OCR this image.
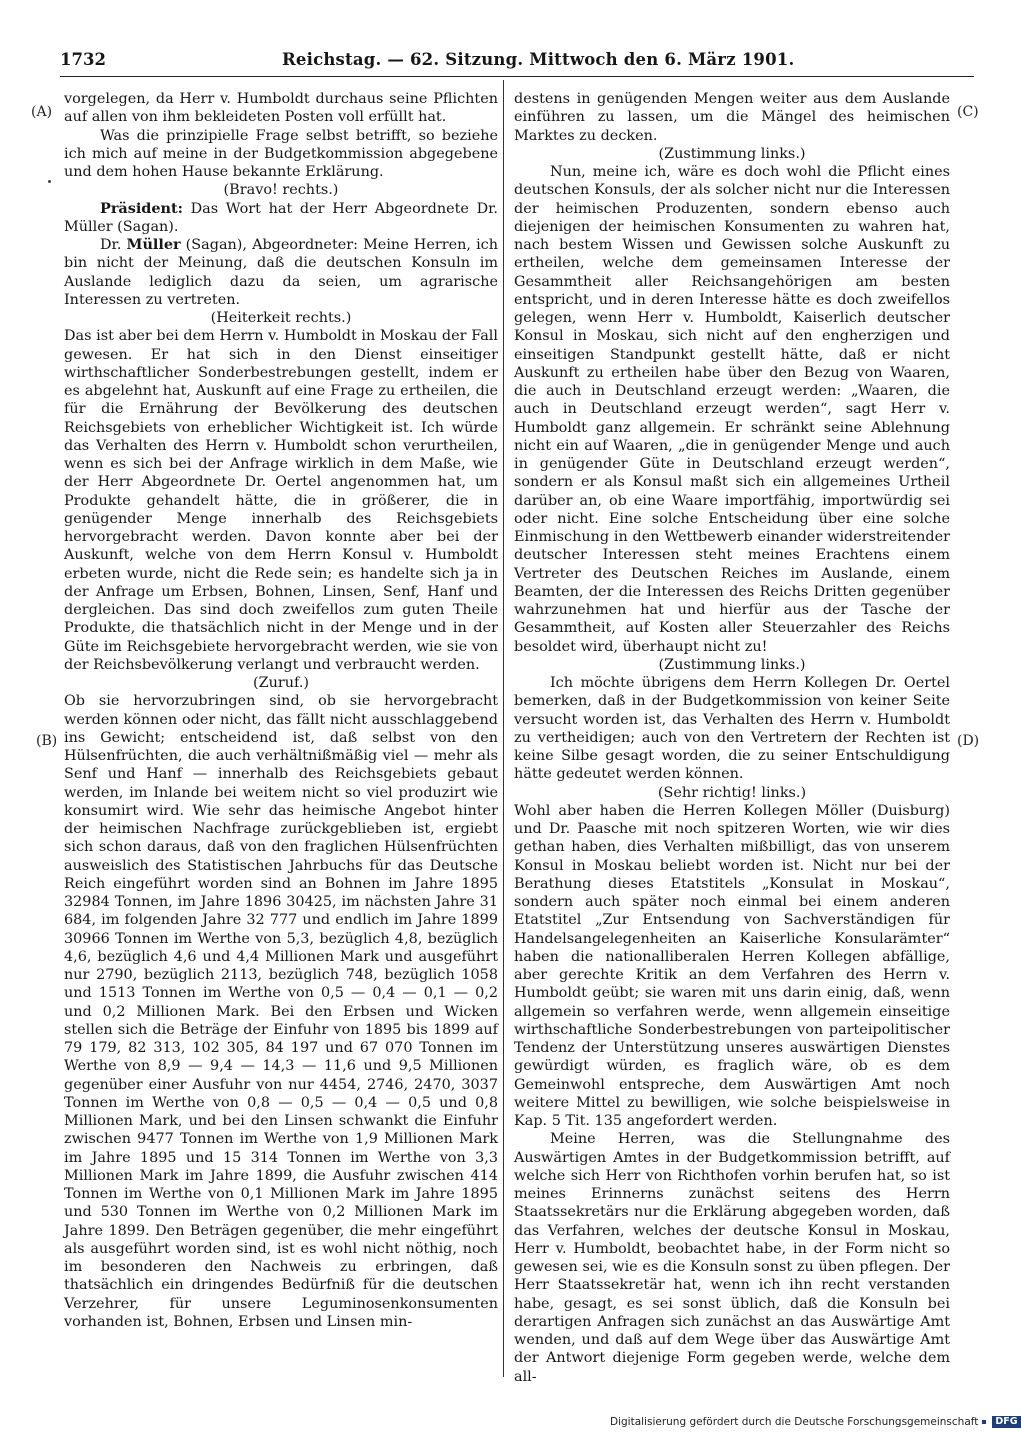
1732	Reichstag. — 62. Sitzung. Mittwoch den 6. März 1901.
(A)
(B)
(C)
(D)

vorgelegen, da Herr v. Humboldt durchaus seine Pflichten auf allen von ihm bekleideten Posten voll erfüllt hat.

Was die prinzipielle Frage selbst betrifft, so beziehe ich mich auf meine in der Budgetkommission abgegebene und dem hohen Hause bekannte Erklärung.

(Bravo! rechts.)

Präsident: Das Wort hat der Herr Abgeordnete Dr. Müller (Sagan).

Dr. Müller (Sagan), Abgeordneter: Meine Herren, ich bin nicht der Meinung, daß die deutschen Konsuln im Auslande lediglich dazu da seien, um agrarische Interessen zu vertreten.

(Heiterkeit rechts.)

Das ist aber bei dem Herrn v. Humboldt in Moskau der Fall gewesen. Er hat sich in den Dienst einseitiger wirthschaftlicher Sonderbestrebungen gestellt, indem er es abgelehnt hat, Auskunft auf eine Frage zu ertheilen, die für die Ernährung der Bevölkerung des deutschen Reichsgebiets von erheblicher Wichtigkeit ist. Ich würde das Verhalten des Herrn v. Humboldt schon verurtheilen, wenn es sich bei der Anfrage wirklich in dem Maße, wie der Herr Abgeordnete Dr. Oertel angenommen hat, um Produkte gehandelt hätte, die in größerer, die in genügender Menge innerhalb des Reichsgebiets hervorgebracht werden. Davon konnte aber bei der Auskunft, welche von dem Herrn Konsul v. Humboldt erbeten wurde, nicht die Rede sein; es handelte sich ja in der Anfrage um Erbsen, Bohnen, Linsen, Senf, Hanf und dergleichen. Das sind doch zweifellos zum guten Theile Produkte, die thatsächlich nicht in der Menge und in der Güte im Reichsgebiete hervorgebracht werden, wie sie von der Reichsbevölkerung verlangt und verbraucht werden.

(Zuruf.)

Ob sie hervorzubringen sind, ob sie hervorgebracht werden können oder nicht, das fällt nicht ausschlaggebend ins Gewicht; entscheidend ist, daß selbst von den Hülsenfrüchten, die auch verhältnißmäßig viel — mehr als Senf und Hanf — innerhalb des Reichsgebiets gebaut werden, im Inlande bei weitem nicht so viel produzirt wie konsumirt wird. Wie sehr das heimische Angebot hinter der heimischen Nachfrage zurückgeblieben ist, ergiebt sich schon daraus, daß von den fraglichen Hülsenfrüchten ausweislich des Statistischen Jahrbuchs für das Deutsche Reich eingeführt worden sind an Bohnen im Jahre 1895 32984 Tonnen, im Jahre 1896 30425, im nächsten Jahre 31 684, im folgenden Jahre 32 777 und endlich im Jahre 1899 30966 Tonnen im Werthe von 5,3, bezüglich 4,8, bezüglich 4,6, bezüglich 4,6 und 4,4 Millionen Mark und ausgeführt nur 2790, bezüglich 2113, bezüglich 748, bezüglich 1058 und 1513 Tonnen im Werthe von 0,5 — 0,4 — 0,1 — 0,2 und 0,2 Millionen Mark. Bei den Erbsen und Wicken stellen sich die Beträge der Einfuhr von 1895 bis 1899 auf 79 179, 82 313, 102 305, 84 197 und 67 070 Tonnen im Werthe von 8,9 — 9,4 — 14,3 — 11,6 und 9,5 Millionen gegenüber einer Ausfuhr von nur 4454, 2746, 2470, 3037 Tonnen im Werthe von 0,8 — 0,5 — 0,4 — 0,5 und 0,8 Millionen Mark, und bei den Linsen schwankt die Einfuhr zwischen 9477 Tonnen im Werthe von 1,9 Millionen Mark im Jahre 1895 und 15 314 Tonnen im Werthe von 3,3 Millionen Mark im Jahre 1899, die Ausfuhr zwischen 414 Tonnen im Werthe von 0,1 Millionen Mark im Jahre 1895 und 530 Tonnen im Werthe von 0,2 Millionen Mark im Jahre 1899. Den Beträgen gegenüber, die mehr eingeführt als ausgeführt worden sind, ist es wohl nicht nöthig, noch im besonderen den Nachweis zu erbringen, daß thatsächlich ein dringendes Bedürfniß für die deutschen Verzehrer, für unsere Leguminosenkonsumenten vorhanden ist, Bohnen, Erbsen und Linsen min-

destens in genügenden Mengen weiter aus dem Auslande einführen zu lassen, um die Mängel des heimischen Marktes zu decken.

(Zustimmung links.)

Nun, meine ich, wäre es doch wohl die Pflicht eines deutschen Konsuls, der als solcher nicht nur die Interessen der heimischen Produzenten, sondern ebenso auch diejenigen der heimischen Konsumenten zu wahren hat, nach bestem Wissen und Gewissen solche Auskunft zu ertheilen, welche dem gemeinsamen Interesse der Gesammtheit aller Reichsangehörigen am besten entspricht, und in deren Interesse hätte es doch zweifellos gelegen, wenn Herr v. Humboldt, Kaiserlich deutscher Konsul in Moskau, sich nicht auf den engherzigen und einseitigen Standpunkt gestellt hätte, daß er nicht Auskunft zu ertheilen habe über den Bezug von Waaren, die auch in Deutschland erzeugt werden: „Waaren, die auch in Deutschland erzeugt werden“, sagt Herr v. Humboldt ganz allgemein. Er schränkt seine Ablehnung nicht ein auf Waaren, „die in genügender Menge und auch in genügender Güte in Deutschland erzeugt werden“, sondern er als Konsul maßt sich ein allgemeines Urtheil darüber an, ob eine Waare importfähig, importwürdig sei oder nicht. Eine solche Entscheidung über eine solche Einmischung in den Wettbewerb einander widerstreitender deutscher Interessen steht meines Erachtens einem Vertreter des Deutschen Reiches im Auslande, einem Beamten, der die Interessen des Reichs Dritten gegenüber wahrzunehmen hat und hierfür aus der Tasche der Gesammtheit, auf Kosten aller Steuerzahler des Reichs besoldet wird, überhaupt nicht zu!

(Zustimmung links.)

Ich möchte übrigens dem Herrn Kollegen Dr. Oertel bemerken, daß in der Budgetkommission von keiner Seite versucht worden ist, das Verhalten des Herrn v. Humboldt zu vertheidigen; auch von den Vertretern der Rechten ist keine Silbe gesagt worden, die zu seiner Entschuldigung hätte gedeutet werden können.

(Sehr richtig! links.)

Wohl aber haben die Herren Kollegen Möller (Duisburg) und Dr. Paasche mit noch spitzeren Worten, wie wir dies gethan haben, dies Verhalten mißbilligt, das von unserem Konsul in Moskau beliebt worden ist. Nicht nur bei der Berathung dieses Etatstitels „Konsulat in Moskau“, sondern auch später noch einmal bei einem anderen Etatstitel „Zur Entsendung von Sachverständigen für Handelsangelegenheiten an Kaiserliche Konsularämter“ haben die nationalliberalen Herren Kollegen abfällige, aber gerechte Kritik an dem Verfahren des Herrn v. Humboldt geübt; sie waren mit uns darin einig, daß, wenn allgemein so verfahren werde, wenn allgemein einseitige wirthschaftliche Sonderbestrebungen von parteipolitischer Tendenz der Unterstützung unseres auswärtigen Dienstes gewürdigt würden, es fraglich wäre, ob es dem Gemeinwohl entspreche, dem Auswärtigen Amt noch weitere Mittel zu bewilligen, wie solche beispielsweise in Kap. 5 Tit. 135 angefordert werden.

Meine Herren, was die Stellungnahme des Auswärtigen Amtes in der Budgetkommission betrifft, auf welche sich Herr von Richthofen vorhin berufen hat, so ist meines Erinnerns zunächst seitens des Herrn Staatssekretärs nur die Erklärung abgegeben worden, daß das Verfahren, welches der deutsche Konsul in Moskau, Herr v. Humboldt, beobachtet habe, in der Form nicht so gewesen sei, wie es die Konsuln sonst zu üben pflegen. Der Herr Staatssekretär hat, wenn ich ihn recht verstanden habe, gesagt, es sei sonst üblich, daß die Konsuln bei derartigen Anfragen sich zunächst an das Auswärtige Amt wenden, und daß auf dem Wege über das Auswärtige Amt der Antwort diejenige Form gegeben werde, welche dem all-

Digitalisierung gefördert durch die Deutsche Forschungsgemeinschaft DFG
